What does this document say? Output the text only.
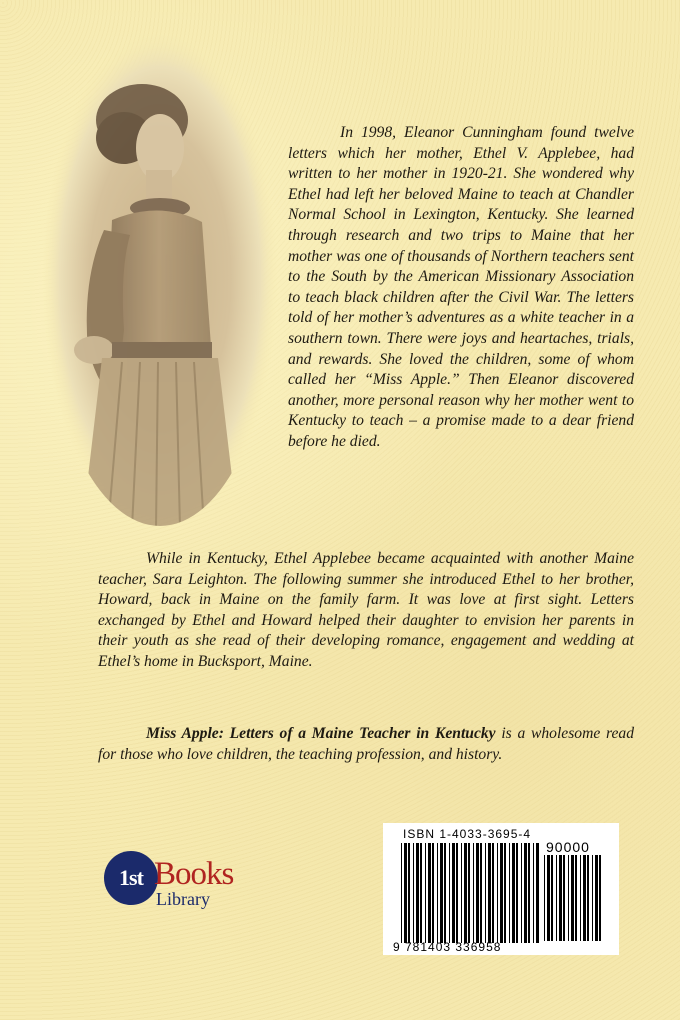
In 1998, Eleanor Cunningham found twelve letters which her mother, Ethel V. Applebee, had written to her mother in 1920-21. She wondered why Ethel had left her beloved Maine to teach at Chandler Normal School in Lexington, Kentucky. She learned through research and two trips to Maine that her mother was one of thousands of Northern teachers sent to the South by the American Missionary Association to teach black children after the Civil War. The letters told of her mother’s adventures as a white teacher in a southern town. There were joys and heartaches, trials, and rewards. She loved the children, some of whom called her “Miss Apple.” Then Eleanor discovered another, more personal reason why her mother went to Kentucky to teach – a promise made to a dear friend before he died.

While in Kentucky, Ethel Applebee became acquainted with another Maine teacher, Sara Leighton. The following summer she introduced Ethel to her brother, Howard, back in Maine on the family farm. It was love at first sight. Letters exchanged by Ethel and Howard helped their daughter to envision her parents in their youth as she read of their developing romance, engagement and wedding at Ethel’s home in Bucksport, Maine.

Miss Apple: Letters of a Maine Teacher in Kentucky is a wholesome read for those who love children, the teaching profession, and history.

1st Books
Library
ISBN 1-4033-3695-4
90000
9 781403 336958
